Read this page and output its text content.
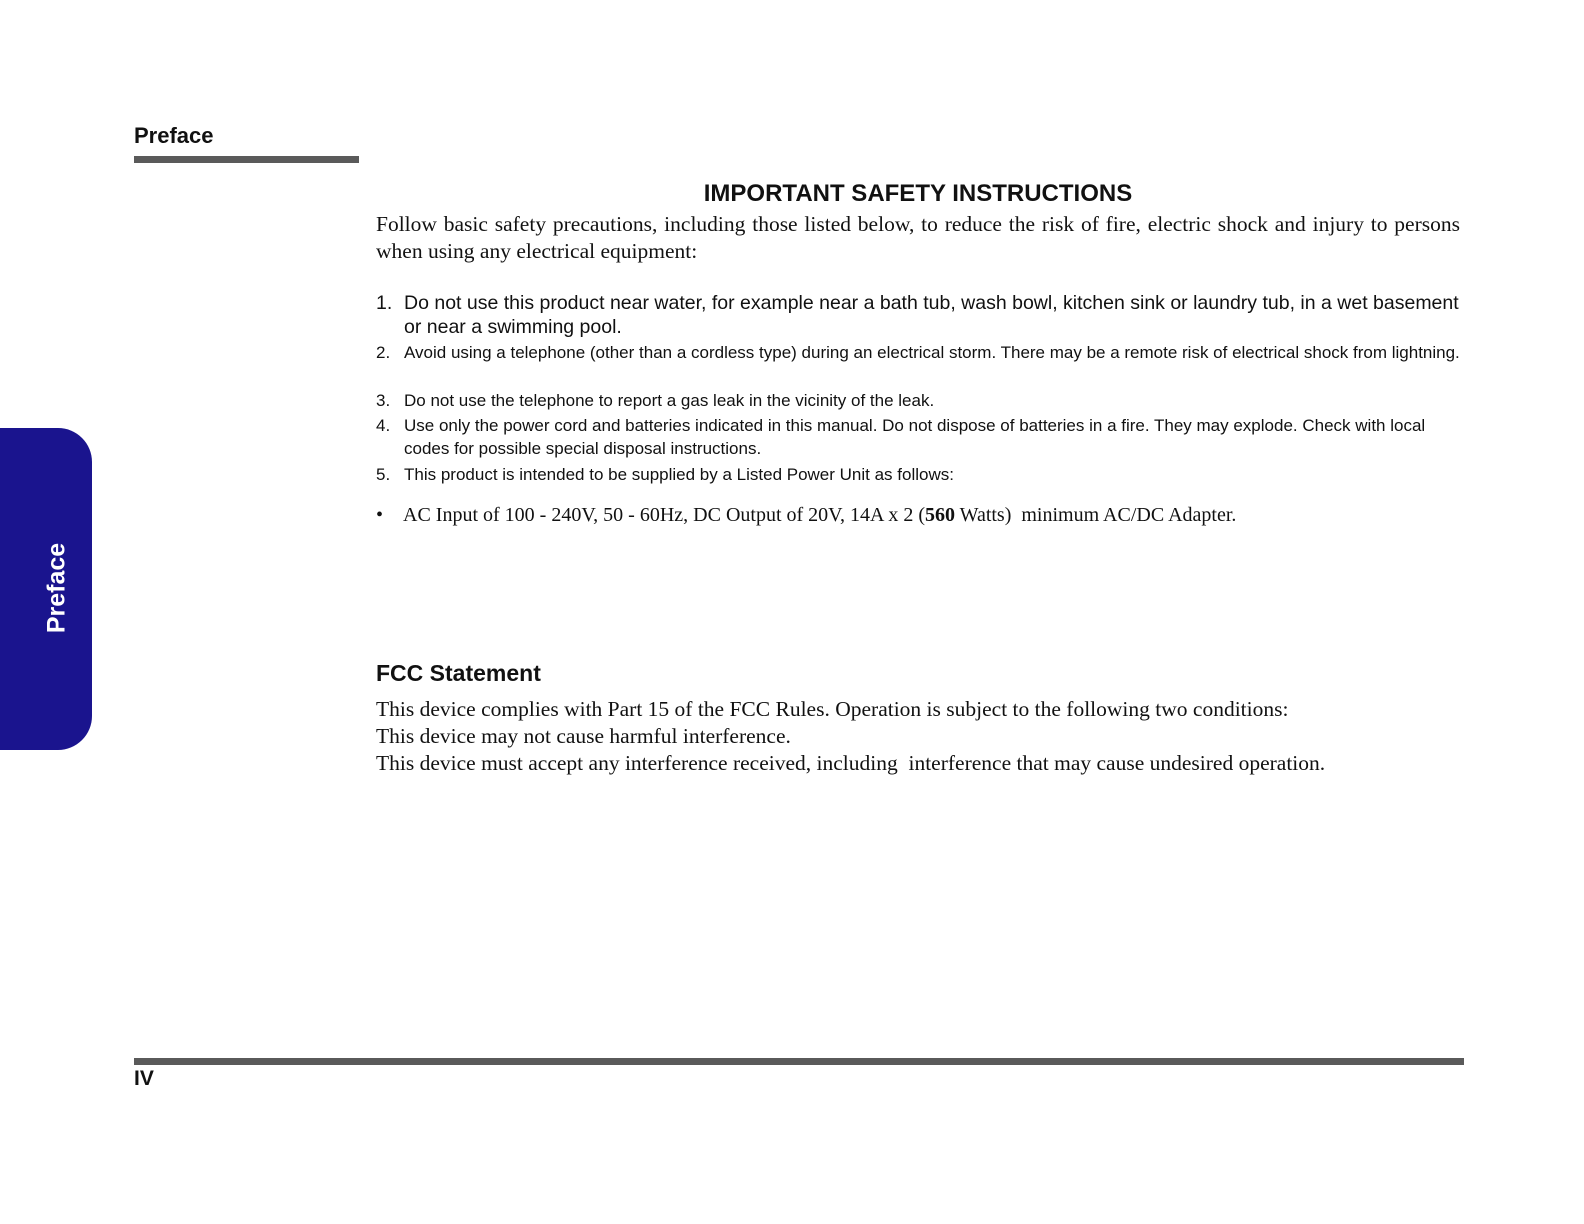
Preface
Preface
IMPORTANT SAFETY INSTRUCTIONS

Follow basic safety precautions, including those listed below, to reduce the risk of fire, electric shock and injury to persons when using any electrical equipment:

1. Do not use this product near water, for example near a bath tub, wash bowl, kitchen sink or laundry tub, in a wet basement or near a swimming pool.
2. Avoid using a telephone (other than a cordless type) during an electrical storm. There may be a remote risk of electrical shock from lightning.
3. Do not use the telephone to report a gas leak in the vicinity of the leak.
4. Use only the power cord and batteries indicated in this manual. Do not dispose of batteries in a fire. They may explode. Check with local codes for possible special disposal instructions.
5. This product is intended to be supplied by a Listed Power Unit as follows:
• AC Input of 100 - 240V, 50 - 60Hz, DC Output of 20V, 14A x 2 (560 Watts)  minimum AC/DC Adapter.
FCC Statement
This device complies with Part 15 of the FCC Rules. Operation is subject to the following two conditions:
This device may not cause harmful interference.
This device must accept any interference received, including  interference that may cause undesired operation.
IV
